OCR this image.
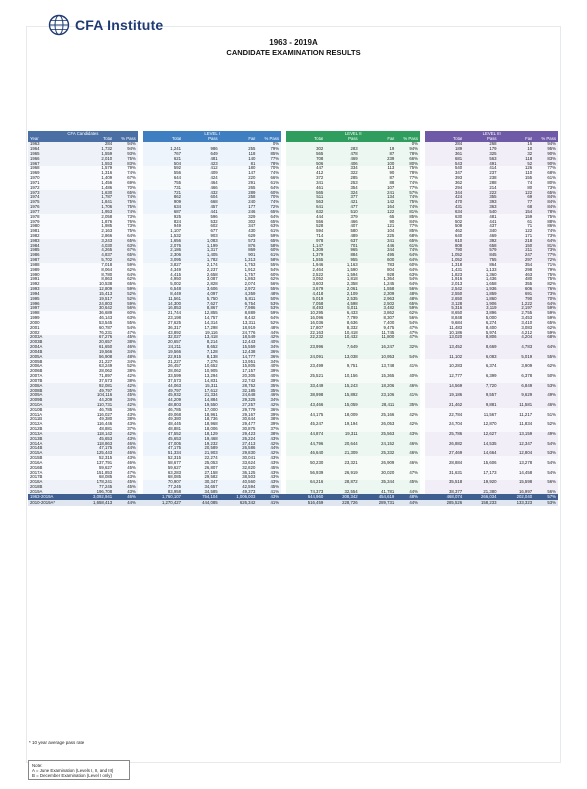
CFA Institute
1963 - 2019A
CANDIDATE EXAMINATION RESULTS
CFA Candidates				LEVEL I					LEVEL II					LEVEL III			
Year	Total	% Pass		Total	Pass	Fail	% Pass		Total	Pass	Fail	% Pass		Total	Pass	Fail	% Pass
1963	284	94%					0%					0%		284	268	16	94%
1964	1,732	94%		1,241	986	255	79%		302	283	19	94%		189	179	10	95%
1965	1,559	93%		767	649	118	85%		565	478	87	78%		361	325	32	90%
1966	2,010	75%		621	481	140	77%		708	469	239	66%		681	563	118	83%
1967	1,553	83%		504	423	81	78%		506	406	100	80%		543	491	52	90%
1968	1,579	79%		592	412	180	70%		447	334	113	75%		540	414	126	77%
1969	1,316	74%		556	409	147	74%		412	322	90	78%		347	237	110	68%
1970	1,409	67%		644	424	220	66%		372	285	87	77%		393	238	155	61%
1971	1,456	69%		755	464	291	61%		341	253	88	74%		362	288	74	80%
1972	1,486	70%		731	466	265	64%		461	354	107	77%		294	214	80	73%
1973	1,630	65%		721	432	289	60%		565	324	241	57%		344	222	122	65%
1974	1,787	74%		862	604	258	70%		511	377	134	74%		424	355	69	84%
1975	1,841	75%		909	668	240	74%		563	421	142	75%		470	393	77	84%
1976	1,706	75%		634	457	177	72%		641	477	164	74%		431	363	68	84%
1977	1,953	74%		687	441	246	65%		632	510	122	81%		634	540	154	78%
1978	2,058	73%		925	596	329	64%		444	379	65	85%		630	481	159	75%
1979	1,876	76%		824	532	302	65%		556	466	90	84%		502	441	61	88%
1980	1,985	73%		949	602	347	63%		528	407	121	77%		508	437	71	86%
1981	2,163	75%		1,107	677	430	61%		594	580	104	85%		462	340	122	74%
1982	2,866	64%		1,532	903	629	59%		714	489	225	68%		640	469	171	73%
1983	3,243	65%		1,656	1,083	573	65%		978	637	341	65%		610	392	218	64%
1984	4,030	63%		2,076	1,199	876	58%		1,147	701	446	61%		808	658	150	81%
1985	4,265	67%		2,186	1,317	869	60%		1,309	965	344	74%		790	579	211	73%
1986	4,837	65%		2,306	1,405	901	61%		1,379	884	495	64%		1,052	845	247	77%
1987	5,702	62%		3,095	1,782	1,313	58%		1,555	955	600	64%		1,052	755	297	72%
1988	7,018	59%		3,827	2,174	1,753	55%		1,946	1,163	783	60%		1,318	864	354	71%
1989	8,064	62%		4,349	2,237	1,912	54%		2,464	1,590	804	64%		1,431	1,133	298	79%
1990	8,780	64%		4,415	2,658	1,757	60%		2,522	1,594	928	63%		1,823	1,360	463	75%
1991	8,863	62%		4,950	3,087	1,863	62%		3,052	1,818	1,364	54%		1,916	1,436	480	75%
1992	10,538	65%		5,002	2,828	2,074	56%		3,603	2,358	1,245	64%		2,013	1,658	355	82%
1993	12,809	59%		6,548	3,606	2,972	55%		3,679	2,061	1,558	56%		2,542	1,936	606	76%
1994	15,413	52%		8,449	4,097	4,359	48%		4,418	2,109	2,309	48%		2,550	1,859	691	73%
1995	19,517	52%		11,561	5,750	5,811	50%		5,019	2,535	2,963	48%		2,650	1,860	790	70%
1996	24,803	59%		14,300	7,627	6,754	53%		7,058	4,598	2,502	65%		3,128	1,906	1,222	64%
1997	30,642	56%		16,853	8,867	7,986	53%		8,493	5,011	3,482	59%		5,316	3,119	2,197	59%
1998	36,689	60%		21,744	12,855	8,889	59%		10,295	6,433	3,862	62%		8,650	3,896	2,755	59%
1999	46,143	63%		23,198	14,757	8,442	64%		16,096	7,799	8,307	56%		8,848	5,000	3,453	59%
2000	53,545	55%		27,625	14,314	13,311	52%		16,036	8,636	7,400	54%		9,684	6,274	3,410	65%
2001	60,787	54%		36,317	17,298	18,919	48%		17,807	8,332	9,475	47%		11,483	8,400	3,083	62%
2002	76,231	47%		43,892	19,116	24,776	44%		22,163	10,418	11,745	47%		10,186	5,974	4,212	59%
2003A	67,276	45%		32,027	13,418	18,549	42%		22,232	10,432	11,800	47%		13,020	8,806	4,204	68%
2003B	20,657	38%		20,657	8,214	12,443	40%										
2004A	61,650	46%		24,211	8,652	15,559	34%		23,996	7,649	16,247	32%		13,452	8,669	4,783	64%
2004B	19,566	34%		19,566	7,128	12,438	36%										
2005A	56,908	48%		22,915	8,138	14,777	36%		24,091	13,038	10,953	54%		11,102	6,083	5,019	55%
2005B	21,227	34%		21,227	7,276	13,951	34%										
2006A	63,249	52%		26,457	10,652	15,805	40%		23,499	9,751	13,748	41%		10,283	6,374	3,909	62%
2006B	28,062	38%		28,062	10,905	17,157	39%										
2007A	71,897	42%		33,599	13,294	20,305	40%		25,521	10,156	15,365	40%		12,777	6,399	6,378	50%
2007B	37,573	38%		37,573	14,831	22,742	39%										
2008A	92,081	42%		44,063	15,311	28,752	35%		33,449	15,243	18,206	46%		14,569	7,720	6,849	53%
2008B	49,797	35%		49,797	17,612	32,185	35%										
2009A	104,116	45%		45,932	21,334	24,648	46%		38,998	15,892	23,106	41%		19,186	9,557	9,629	49%
2009B	44,209	34%		44,209	14,884	29,325	34%										
2010A	110,731	42%		48,803	19,550	27,257	42%		43,466	15,059	28,411	35%		21,462	9,881	11,581	46%
2010B	46,785	36%		46,785	17,000	29,779	36%										
2011A	116,027	43%		49,068	18,961	29,167	39%		44,175	18,009	25,166	42%		22,784	11,567	11,217	51%
2011B	49,380	38%		49,380	18,736	30,644	38%										
2012A	116,446	43%		48,445	18,968	29,477	39%		45,247	19,194	26,053	42%		24,704	12,870	11,834	52%
2012B	48,881	37%		48,881	18,006	30,875	37%										
2013A	118,142	42%		47,552	18,129	29,423	38%		44,874	19,311	25,563	43%		25,786	12,627	13,159	49%
2013B	45,653	43%		45,653	19,468	26,224	43%										
2014A	118,863	46%		47,005	19,232	27,413	42%		44,796	20,644	24,152	46%		26,882	14,535	12,347	54%
2014B	47,175	44%		47,175	20,589	26,586	44%										
2015A	125,443	46%		51,334	21,903	29,830	42%		46,640	21,309	25,332	46%		27,469	14,664	12,804	53%
2015B	52,315	43%		52,315	22,274	30,041	43%										
2016A	137,791	46%		58,677	25,053	33,624	43%		50,230	23,321	26,909	46%		28,884	15,606	13,278	54%
2016B	59,627	45%		59,627	26,807	32,820	45%										
2017A	151,853	47%		63,283	27,158	36,125	43%		56,939	26,919	30,020	47%		31,631	17,173	14,458	54%
2017B	68,085	43%		68,085	29,582	38,503	43%										
2018A	178,241	45%		70,907	30,347	40,560	43%		64,216	28,872	35,344	45%		35,518	19,920	15,598	56%
2018B	77,245	45%		77,245	34,657	42,594	45%										
2019A	196,708	43%		83,958	34,585	49,373	41%		74,373	32,554	41,781	44%		38,377	21,380	16,997	56%
1963-2019A	3,092,941	46%		1,760,107	754,104	1,006,003	43%		644,960	308,342	454,619	48%		468,074	266,034	202,040	57%
2010-2019A*	1,658,413	44%		1,270,427	444,085	626,342	41%		516,459	228,726	289,731	44%		285,526	158,233	133,323	53%
* 10 year average pass rate
Note:
A = June Examination (Levels I, II, and III)
B = December Examination (Level I only)
